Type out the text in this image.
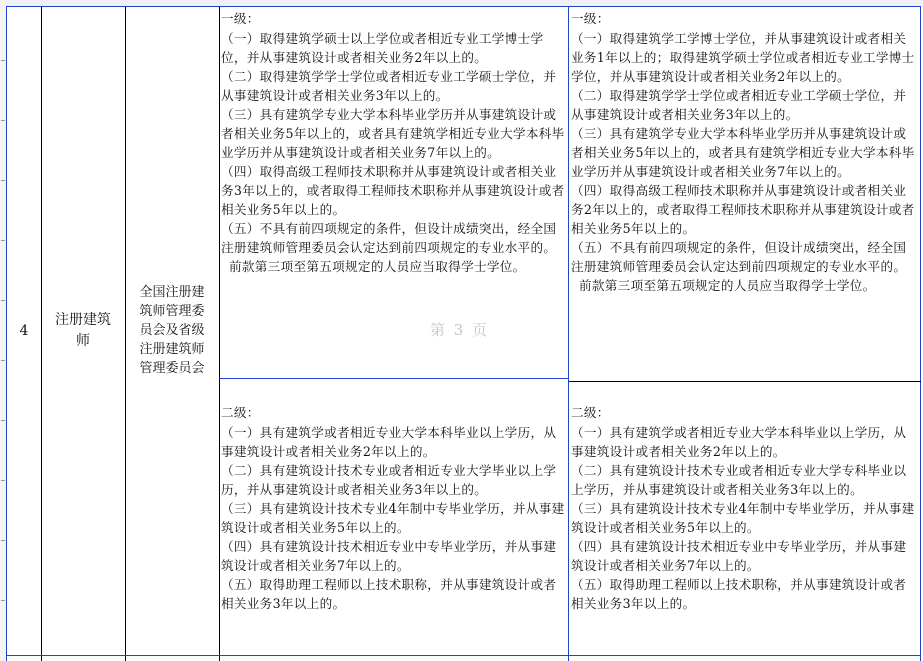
4
注册建筑
师
全国注册建
筑师管理委
员会及省级
注册建筑师
管理委员会

一级：

（一）取得建筑学硕士以上学位或者相近专业工学博士学位，并从事建筑设计或者相关业务2年以上的。

（二）取得建筑学学士学位或者相近专业工学硕士学位，并从事建筑设计或者相关业务3年以上的。

（三）具有建筑学专业大学本科毕业学历并从事建筑设计或者相关业务5年以上的，或者具有建筑学相近专业大学本科毕业学历并从事建筑设计或者相关业务7年以上的。

（四）取得高级工程师技术职称并从事建筑设计或者相关业务3年以上的，或者取得工程师技术职称并从事建筑设计或者相关业务5年以上的。

（五）不具有前四项规定的条件，但设计成绩突出，经全国注册建筑师管理委员会认定达到前四项规定的专业水平的。

前款第三项至第五项规定的人员应当取得学士学位。

二级：

（一）具有建筑学或者相近专业大学本科毕业以上学历，从事建筑设计或者相关业务2年以上的。

（二）具有建筑设计技术专业或者相近专业大学毕业以上学历，并从事建筑设计或者相关业务3年以上的。

（三）具有建筑设计技术专业4年制中专毕业学历，并从事建筑设计或者相关业务5年以上的。

（四）具有建筑设计技术相近专业中专毕业学历，并从事建筑设计或者相关业务7年以上的。

（五）取得助理工程师以上技术职称，并从事建筑设计或者相关业务3年以上的。

一级：

（一）取得建筑学工学博士学位，并从事建筑设计或者相关业务1年以上的；取得建筑学硕士学位或者相近专业工学博士学位，并从事建筑设计或者相关业务2年以上的。

（二）取得建筑学学士学位或者相近专业工学硕士学位，并从事建筑设计或者相关业务3年以上的。

（三）具有建筑学专业大学本科毕业学历并从事建筑设计或者相关业务5年以上的，或者具有建筑学相近专业大学本科毕业学历并从事建筑设计或者相关业务7年以上的。

（四）取得高级工程师技术职称并从事建筑设计或者相关业务2年以上的，或者取得工程师技术职称并从事建筑设计或者相关业务5年以上的。

（五）不具有前四项规定的条件，但设计成绩突出，经全国注册建筑师管理委员会认定达到前四项规定的专业水平的。

前款第三项至第五项规定的人员应当取得学士学位。

二级：

（一）具有建筑学或者相近专业大学本科毕业以上学历，从事建筑设计或者相关业务2年以上的。

（二）具有建筑设计技术专业或者相近专业大学专科毕业以上学历，并从事建筑设计或者相关业务3年以上的。

（三）具有建筑设计技术专业4年制中专毕业学历，并从事建筑设计或者相关业务5年以上的。

（四）具有建筑设计技术相近专业中专毕业学历，并从事建筑设计或者相关业务7年以上的。

（五）取得助理工程师以上技术职称，并从事建筑设计或者相关业务3年以上的。

第 3 页
